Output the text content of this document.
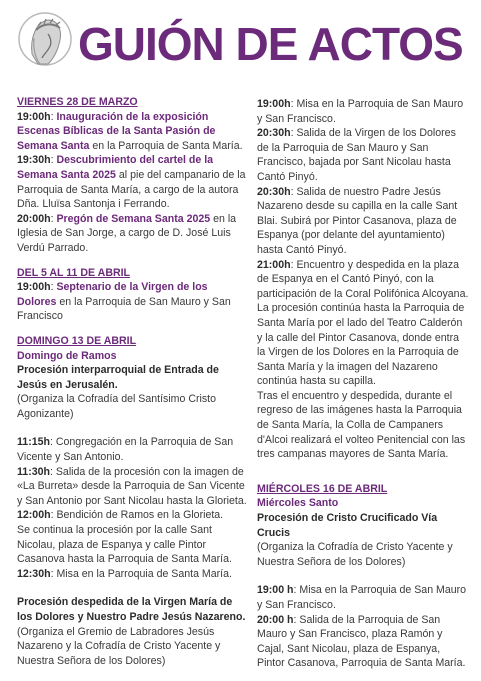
GUIÓN DE ACTOS
VIERNES 28 DE MARZO

19:00h: Inauguración de la exposición Escenas Bíblicas de la Santa Pasión de Semana Santa en la Parroquia de Santa María.

19:30h: Descubrimiento del cartel de la Semana Santa 2025 al pie del campanario de la Parroquia de Santa María, a cargo de la autora Dña. Lluïsa Santonja i Ferrando.

20:00h: Pregón de Semana Santa 2025 en la Iglesia de San Jorge, a cargo de D. José Luis Verdú Parrado.

DEL 5 AL 11 DE ABRIL

19:00h: Septenario de la Virgen de los Dolores en la Parroquia de San Mauro y San Francisco

DOMINGO 13 DE ABRIL
Domingo de Ramos

Procesión interparroquial de Entrada de Jesús en Jerusalén.

(Organiza la Cofradía del Santísimo Cristo Agonizante)

11:15h: Congregación en la Parroquia de San Vicente y San Antonio.

11:30h: Salida de la procesión con la imagen de «La Burreta» desde la Parroquia de San Vicente y San Antonio por Sant Nicolau hasta la Glorieta.

12:00h: Bendición de Ramos en la Glorieta.

Se continua la procesión por la calle Sant Nicolau, plaza de Espanya y calle Pintor Casanova hasta la Parroquia de Santa María.

12:30h: Misa en la Parroquia de Santa María.

Procesión despedida de la Virgen María de los Dolores y Nuestro Padre Jesús Nazareno.

(Organiza el Gremio de Labradores Jesús Nazareno y la Cofradía de Cristo Yacente y Nuestra Señora de los Dolores)

19:00h: Misa en la Parroquia de San Mauro y San Francisco.

20:30h: Salida de la Virgen de los Dolores de la Parroquia de San Mauro y San Francisco, bajada por Sant Nicolau hasta Cantó Pinyó.

20:30h: Salida de nuestro Padre Jesús Nazareno desde su capilla en la calle Sant Blai. Subirá por Pintor Casanova, plaza de Espanya (por delante del ayuntamiento) hasta Cantó Pinyó.

21:00h: Encuentro y despedida en la plaza de Espanya en el Cantó Pinyó, con la participación de la Coral Polifónica Alcoyana. La procesión continúa hasta la Parroquia de Santa María por el lado del Teatro Calderón y la calle del Pintor Casanova, donde entra la Virgen de los Dolores en la Parroquia de Santa María y la imagen del Nazareno continúa hasta su capilla.

Tras el encuentro y despedida, durante el regreso de las imágenes hasta la Parroquia de Santa María, la Colla de Campaners d'Alcoi realizará el volteo Penitencial con las tres campanas mayores de Santa María.

MIÉRCOLES 16 DE ABRIL
Miércoles Santo

Procesión de Cristo Crucificado Vía Crucis

(Organiza la Cofradía de Cristo Yacente y Nuestra Señora de los Dolores)

19:00 h: Misa en la Parroquia de San Mauro y San Francisco.

20:00 h: Salida de la Parroquia de San Mauro y San Francisco, plaza Ramón y Cajal, Sant Nicolau, plaza de Espanya, Pintor Casanova, Parroquia de Santa María.
